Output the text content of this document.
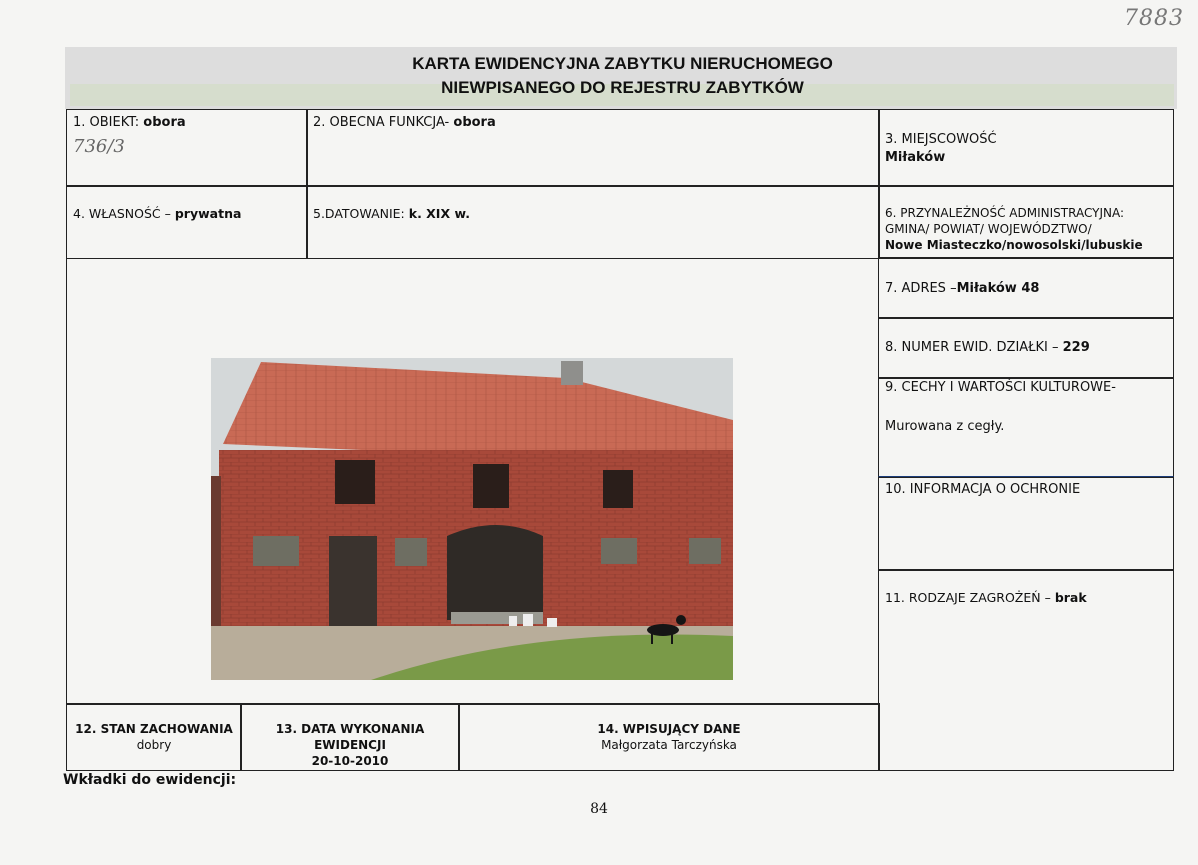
7883
KARTA EWIDENCYJNA ZABYTKU NIERUCHOMEGO
NIEWPISANEGO DO REJESTRU ZABYTKÓW
1. OBIEKT: obora
736/3
2. OBECNA FUNKCJA- obora
3. MIEJSCOWOŚĆ
Miłaków
4. WŁASNOŚĆ – prywatna	5.DATOWANIE: k. XIX w.	6. PRZYNALEŻNOŚĆ ADMINISTRACYJNA:
GMINA/ POWIAT/ WOJEWÓDZTWO/
Nowe Miasteczko/nowosolski/lubuskie
7. ADRES –Miłaków 48
8. NUMER EWID. DZIAŁKI – 229
9. CECHY I WARTOŚCI KULTUROWE-
Murowana z cegły.
10. INFORMACJA O OCHRONIE
11. RODZAJE ZAGROŻEŃ – brak
12. STAN ZACHOWANIA
dobry
13. DATA WYKONANIA EWIDENCJI
20-10-2010
14. WPISUJĄCY DANE
Małgorzata Tarczyńska
Wkładki do ewidencji:
84
